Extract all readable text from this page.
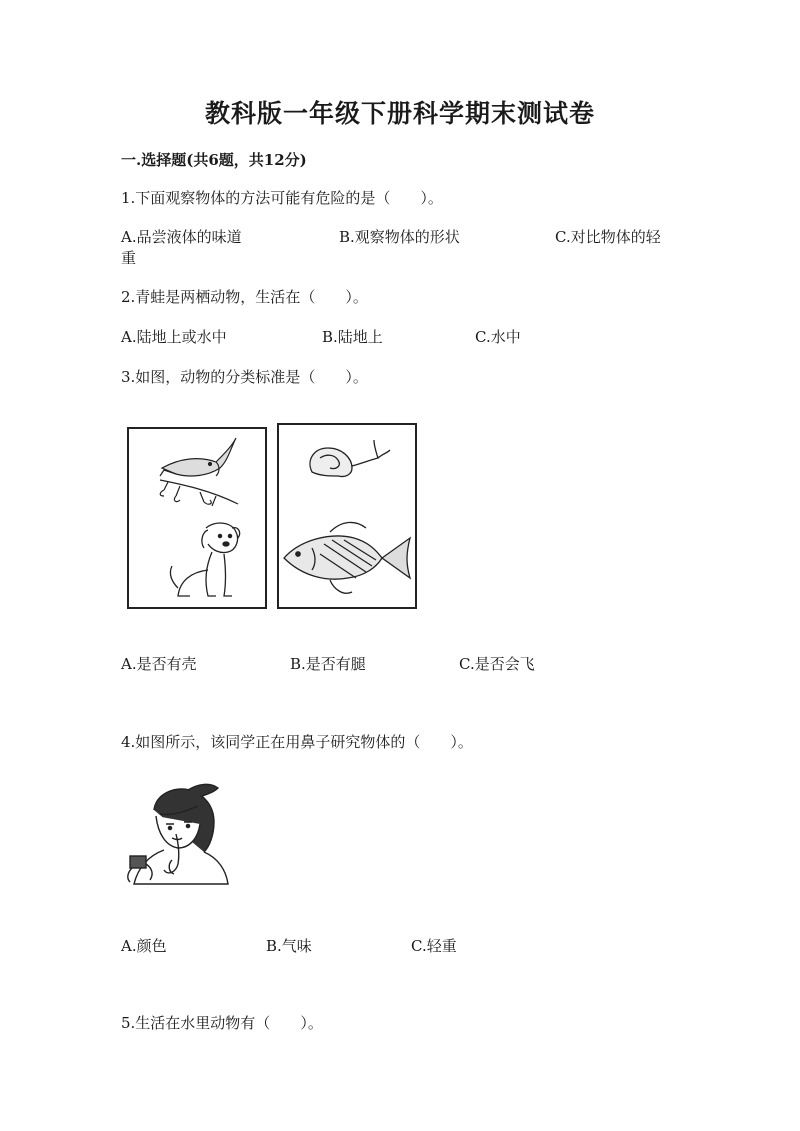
教科版一年级下册科学期末测试卷
一.选择题(共6题，共12分)
1.下面观察物体的方法可能有危险的是（　　）。
A.品尝液体的味道	B.观察物体的形状	C.对比物体的轻
重
2.青蛙是两栖动物，生活在（　　）。
A.陆地上或水中	B.陆地上	C.水中
3.如图，动物的分类标准是（　　）。
A.是否有壳	B.是否有腿	C.是否会飞
4.如图所示，该同学正在用鼻子研究物体的（　　）。
A.颜色	B.气味	C.轻重
5.生活在水里动物有（　　）。
